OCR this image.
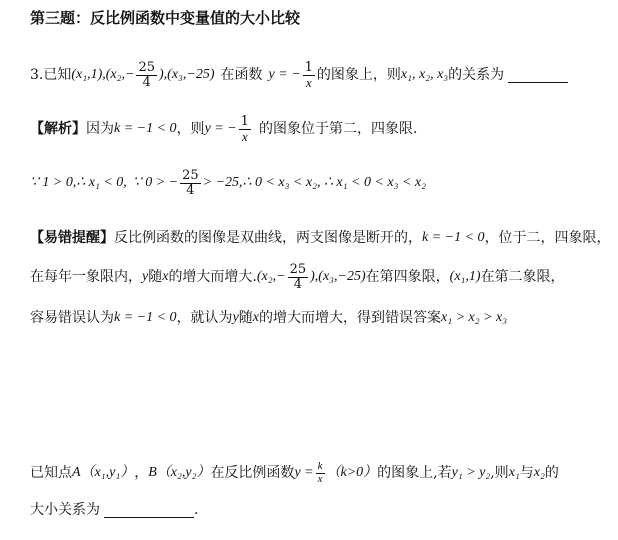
第三题：反比例函数中变量值的大小比较
3. 已知 $(x_1,1),(x_2,- \frac{25}{4} ),(x_3,-25)$ 在函数 y = − $\frac{1}{x}$ 的图象上，则 x₁, x₂, x₃ 的关系为
【解析】 因为 k = −1 < 0 ，则 y = − $\frac{1}{x}$ 的图象位于第二，四象限.
∵ 1 > 0,∴ x₁ < 0, ∵ 0 > − $\frac{25}{4}$ > −25,∴ 0 < x₃ < x₂, ∴ x₁ < 0 < x₃ < x₂
【易错提醒】 反比例函数的图像是双曲线，两支图像是断开的， k = −1 < 0 ，位于二，四象限，
在每年一象限内， y 随 x 的增大而增大. $(x_2,- \frac{25}{4} ),(x_3,-25)$ 在第四象限， (x₁,1) 在第二象限，
容易错误认为 k = −1 < 0 ，就认为 y 随 x 的增大而增大，得到错误答案 x₁ > x₂ > x₃
已知点 A（x₁,y₁） ， B（x₂,y₂） 在反比例函数 $y = \frac{k}{x} (k>0)$ 的图象上,若 y₁ > y₂ ,则 x₁ 与 x₂ 的
大小关系为	.
